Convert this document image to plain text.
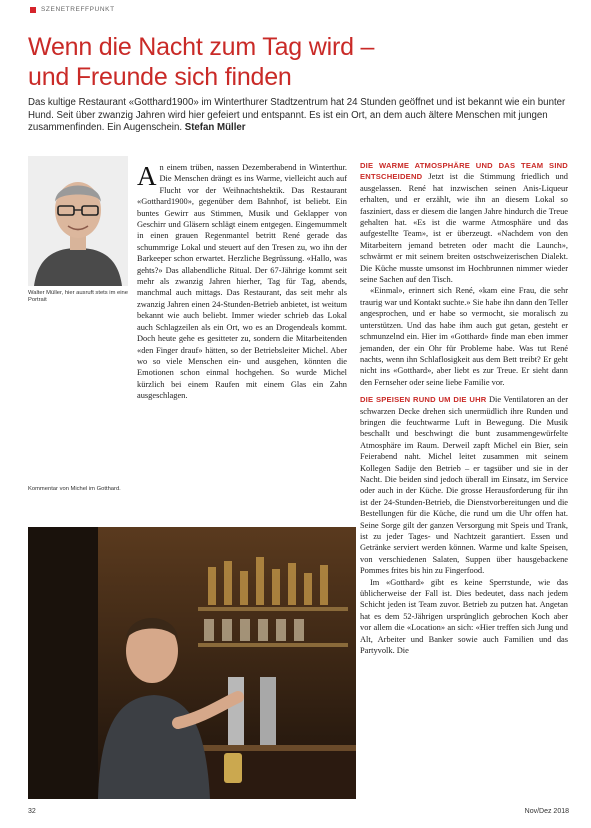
SZENETREFFPUNKT
Wenn die Nacht zum Tag wird –
und Freunde sich finden

Das kultige Restaurant «Gotthard1900» im Winterthurer Stadtzentrum hat 24 Stunden geöffnet und ist bekannt wie ein bunter Hund. Seit über zwanzig Jahren wird hier gefeiert und entspannt. Es ist ein Ort, an dem auch ältere Menschen mit jungen zusammenfinden. Ein Augenschein. Stefan Müller

Walter Müller, hier ausruft stets im eine Portrait
Kommentar von Michel im Gotthard.

An einem trüben, nassen Dezemberabend in Winterthur. Die Menschen drängt es ins Warme, vielleicht auch auf Flucht vor der Weihnachtshektik. Das Restaurant «Gotthard1900», gegenüber dem Bahnhof, ist beliebt. Ein buntes Gewirr aus Stimmen, Musik und Geklapper von Geschirr und Gläsern schlägt einem entgegen. Eingemummelt in einen grauen Regenmantel betritt René gerade das schummrige Lokal und steuert auf den Tresen zu, wo ihn der Barkeeper schon erwartet. Herzliche Begrüssung. «Hallo, was gehts?» Das allabendliche Ritual. Der 67-Jährige kommt seit mehr als zwanzig Jahren hierher, Tag für Tag, abends, manchmal auch mittags. Das Restaurant, das seit mehr als zwanzig Jahren einen 24-Stunden-Betrieb anbietet, ist weitum bekannt wie auch beliebt. Immer wieder schrieb das Lokal auch Schlagzeilen als ein Ort, wo es an Drogendeals kommt. Doch heute gehe es gesitteter zu, sondern die Mitarbeitenden «den Finger drauf» hätten, so der Betriebsleiter Michel. Aber wo so viele Menschen ein- und ausgehen, könnten die Emotionen schon einmal hochgehen. So wurde Michel kürzlich bei einem Raufen mit einem Glas ein Zahn ausgeschlagen.

DIE WARME ATMOSPHÄRE UND DAS TEAM SIND ENTSCHEIDEND Jetzt ist die Stimmung friedlich und ausgelassen. René hat inzwischen seinen Anis-Liqueur erhalten, und er erzählt, wie ihn an diesem Lokal so fasziniert, dass er diesem die langen Jahre hindurch die Treue gehalten hat. «Es ist die warme Atmosphäre und das aufgestellte Team», ist er überzeugt. «Nachdem von den Mitarbeitern jemand betreten oder macht die Launch», schwärmt er mit seinem breiten ostschweizerischen Dialekt. Die Küche musste umsonst im Hochbrunnen nimmer wieder seine Sachen auf den Tisch.

«Einmal», erinnert sich René, «kam eine Frau, die sehr traurig war und Kontakt suchte.» Sie habe ihn dann den Teller angesprochen, und er habe so vermocht, sie moralisch zu unterstützen. Und das habe ihm auch gut getan, gesteht er schmunzelnd ein. Hier im «Gotthard» finde man eben immer jemanden, der ein Ohr für Probleme habe. Was tut René nachts, wenn ihn Schlaflosigkeit aus dem Bett treibt? Er geht nicht ins «Gotthard», aber liebt es zur Treue. Er sieht dann den Fernseher oder seine liebe Familie vor.

DIE SPEISEN RUND UM DIE UHR Die Ventilatoren an der schwarzen Decke drehen sich unermüdlich ihre Runden und bringen die feuchtwarme Luft in Bewegung. Die Musik beschallt und beschwingt die bunt zusammengewürfelte Atmosphäre im Raum. Derweil zapft Michel ein Bier, sein Feierabend naht. Michel leitet zusammen mit seinem Kollegen Sadije den Betrieb – er tagsüber und sie in der Nacht. Die beiden sind jedoch überall im Einsatz, im Service oder auch in der Küche. Die grosse Herausforderung für ihn ist der 24-Stunden-Betrieb, die Dienstvorbereitungen und die Bestellungen für die Küche, die rund um die Uhr offen hat. Seine Sorge gilt der ganzen Versorgung mit Speis und Trank, ist zu jeder Tages- und Nachtzeit garantiert. Essen und Getränke serviert werden können. Warme und kalte Speisen, von verschiedenen Salaten, Suppen über hausgebackene Pommes frites bis hin zu Fingerfood.

Im «Gotthard» gibt es keine Sperrstunde, wie das üblicherweise der Fall ist. Dies bedeutet, dass nach jedem Schicht jeden ist Team zuvor. Betrieb zu putzen hat. Angetan hat es dem 52-Jährigen ursprünglich gebrochen Koch aber vor allem die «Location» an sich: «Hier treffen sich Jung und Alt, Arbeiter und Banker sowie auch Familien und das Partyvolk. Die

32	Nov/Dez 2018
